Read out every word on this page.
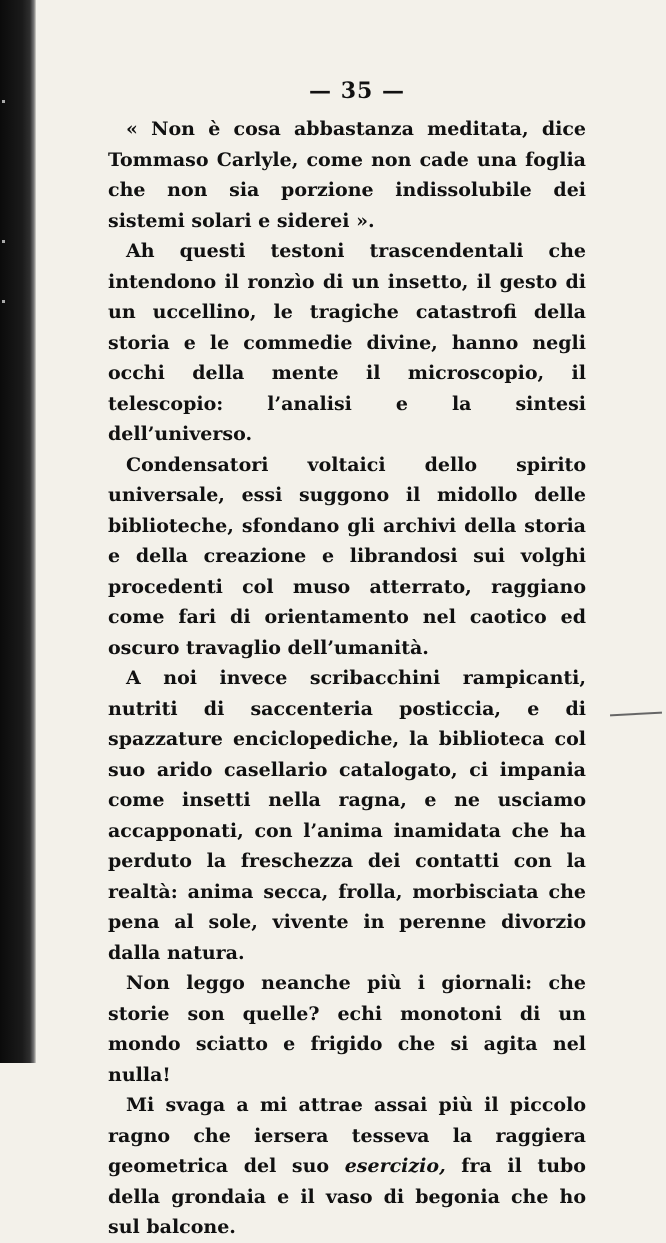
— 35 —

« Non è cosa abbastanza meditata, dice Tommaso Carlyle, come non cade una foglia che non sia porzione indissolubile dei sistemi solari e siderei ».

Ah questi testoni trascendentali che intendono il ronzìo di un insetto, il gesto di un uccellino, le tragiche catastrofi della storia e le commedie divine, hanno negli occhi della mente il microscopio, il telescopio: l’analisi e la sintesi dell’universo.

Condensatori voltaici dello spirito universale, essi suggono il midollo delle biblioteche, sfondano gli archivi della storia e della creazione e librandosi sui volghi procedenti col muso atterrato, raggiano come fari di orientamento nel caotico ed oscuro travaglio dell’umanità.

A noi invece scribacchini rampicanti, nutriti di saccenteria posticcia, e di spazzature enciclopediche, la biblioteca col suo arido casellario catalogato, ci impania come insetti nella ragna, e ne usciamo accapponati, con l’anima inamidata che ha perduto la freschezza dei contatti con la realtà: anima secca, frolla, morbisciata che pena al sole, vivente in perenne divorzio dalla natura.

Non leggo neanche più i giornali: che storie son quelle? echi monotoni di un mondo sciatto e frigido che si agita nel nulla!

Mi svaga a mi attrae assai più il piccolo ragno che iersera tesseva la raggiera geometrica del suo esercizio, fra il tubo della grondaia e il vaso di begonia che ho sul balcone.
